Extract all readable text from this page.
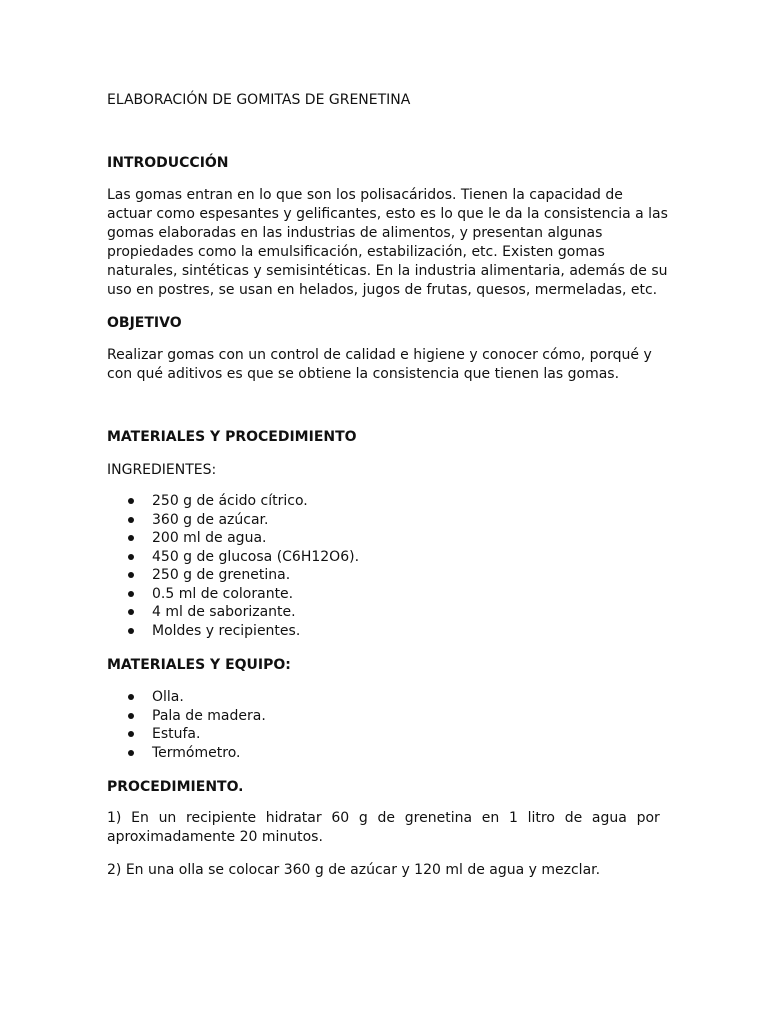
ELABORACIÓN DE GOMITAS DE GRENETINA
INTRODUCCIÓN
Las gomas entran en lo que son los polisacáridos. Tienen la capacidad de
actuar como espesantes y gelificantes, esto es lo que le da la consistencia a las
gomas elaboradas en las industrias de alimentos, y presentan algunas
propiedades como la emulsificación, estabilización, etc. Existen gomas
naturales, sintéticas y semisintéticas. En la industria alimentaria, además de su
uso en postres, se usan en helados, jugos de frutas, quesos, mermeladas, etc.
OBJETIVO
Realizar gomas con un control de calidad e higiene y conocer cómo, porqué y
con qué aditivos es que se obtiene la consistencia que tienen las gomas.
MATERIALES Y PROCEDIMIENTO
INGREDIENTES:
250 g de ácido cítrico.
360 g de azúcar.
200 ml de agua.
450 g de glucosa (C6H12O6).
250 g de grenetina.
0.5 ml de colorante.
4 ml de saborizante.
Moldes y recipientes.
MATERIALES Y EQUIPO:
Olla.
Pala de madera.
Estufa.
Termómetro.
PROCEDIMIENTO.
1) En un recipiente hidratar 60 g de grenetina en 1 litro de agua por
aproximadamente 20 minutos.
2) En una olla se colocar 360 g de azúcar y 120 ml de agua y mezclar.
